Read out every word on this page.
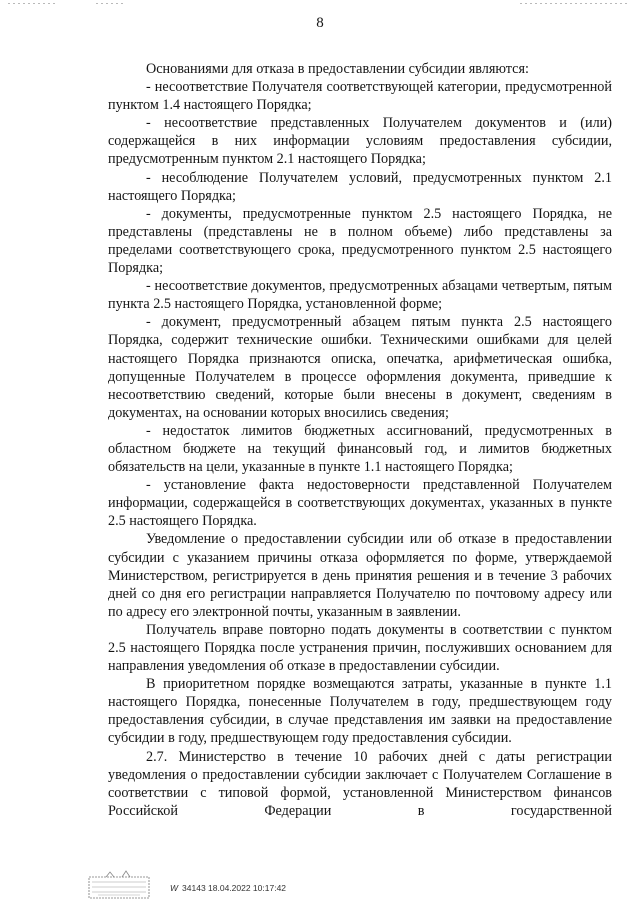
8

Основаниями для отказа в предоставлении субсидии являются:

- несоответствие Получателя соответствующей категории, предусмотренной пунктом 1.4 настоящего Порядка;

- несоответствие представленных Получателем документов и (или) содержащейся в них информации условиям предоставления субсидии, предусмотренным пунктом 2.1 настоящего Порядка;

- несоблюдение Получателем условий, предусмотренных пунктом 2.1 настоящего Порядка;

- документы, предусмотренные пунктом 2.5 настоящего Порядка, не представлены (представлены не в полном объеме) либо представлены за пределами соответствующего срока, предусмотренного пунктом 2.5 настоящего Порядка;

- несоответствие документов, предусмотренных абзацами четвертым, пятым пункта 2.5 настоящего Порядка, установленной форме;

- документ, предусмотренный абзацем пятым пункта 2.5 настоящего Порядка, содержит технические ошибки. Техническими ошибками для целей настоящего Порядка признаются описка, опечатка, арифметическая ошибка, допущенные Получателем в процессе оформления документа, приведшие к несоответствию сведений, которые были внесены в документ, сведениям в документах, на основании которых вносились сведения;

- недостаток лимитов бюджетных ассигнований, предусмотренных в областном бюджете на текущий финансовый год, и лимитов бюджетных обязательств на цели, указанные в пункте 1.1 настоящего Порядка;

- установление факта недостоверности представленной Получателем информации, содержащейся в соответствующих документах, указанных в пункте 2.5 настоящего Порядка.

Уведомление о предоставлении субсидии или об отказе в предоставлении субсидии с указанием причины отказа оформляется по форме, утверждаемой Министерством, регистрируется в день принятия решения и в течение 3 рабочих дней со дня его регистрации направляется Получателю по почтовому адресу или по адресу его электронной почты, указанным в заявлении.

Получатель вправе повторно подать документы в соответствии с пунктом 2.5 настоящего Порядка после устранения причин, послуживших основанием для направления уведомления об отказе в предоставлении субсидии.

В приоритетном порядке возмещаются затраты, указанные в пункте 1.1 настоящего Порядка, понесенные Получателем в году, предшествующем году предоставления субсидии, в случае представления им заявки на предоставление субсидии в году, предшествующем году предоставления субсидии.

2.7. Министерство в течение 10 рабочих дней с даты регистрации уведомления о предоставлении субсидии заключает с Получателем Соглашение в соответствии с типовой формой, установленной Министерством финансов Российской Федерации в государственной

W 34143 18.04.2022 10:17:42
